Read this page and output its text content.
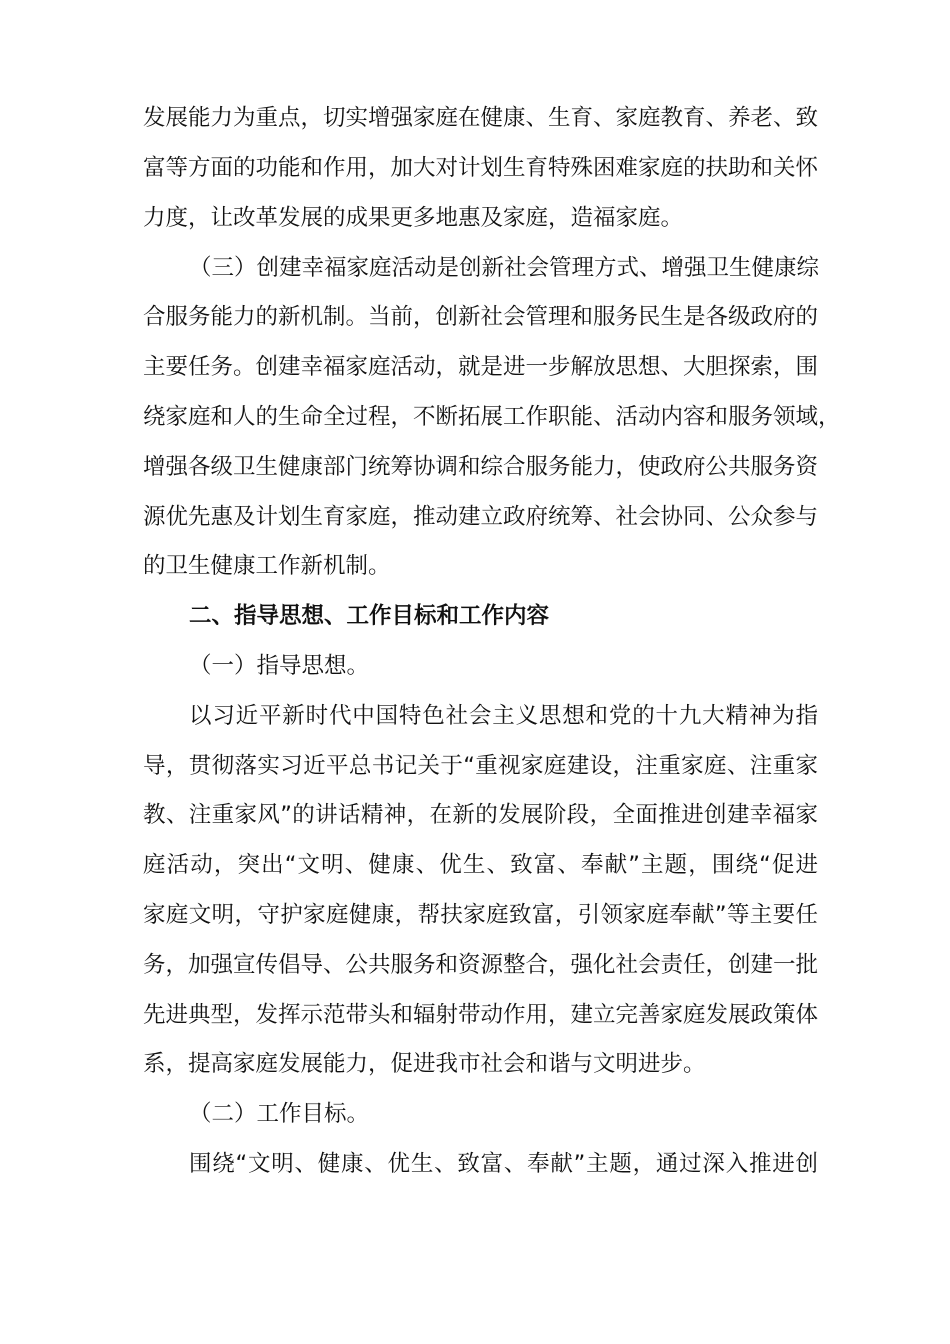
发展能力为重点，切实增强家庭在健康、生育、家庭教育、养老、致
富等方面的功能和作用，加大对计划生育特殊困难家庭的扶助和关怀
力度，让改革发展的成果更多地惠及家庭，造福家庭。
（三）创建幸福家庭活动是创新社会管理方式、增强卫生健康综
合服务能力的新机制。当前，创新社会管理和服务民生是各级政府的
主要任务。创建幸福家庭活动，就是进一步解放思想、大胆探索，围
绕家庭和人的生命全过程，不断拓展工作职能、活动内容和服务领域，
增强各级卫生健康部门统筹协调和综合服务能力，使政府公共服务资
源优先惠及计划生育家庭，推动建立政府统筹、社会协同、公众参与
的卫生健康工作新机制。
二、指导思想、工作目标和工作内容
（一）指导思想。
以习近平新时代中国特色社会主义思想和党的十九大精神为指
导，贯彻落实习近平总书记关于“重视家庭建设，注重家庭、注重家
教、注重家风”的讲话精神，在新的发展阶段，全面推进创建幸福家
庭活动，突出“文明、健康、优生、致富、奉献”主题，围绕“促进
家庭文明，守护家庭健康，帮扶家庭致富，引领家庭奉献”等主要任
务，加强宣传倡导、公共服务和资源整合，强化社会责任，创建一批
先进典型，发挥示范带头和辐射带动作用，建立完善家庭发展政策体
系，提高家庭发展能力，促进我市社会和谐与文明进步。
（二）工作目标。
围绕“文明、健康、优生、致富、奉献”主题，通过深入推进创
